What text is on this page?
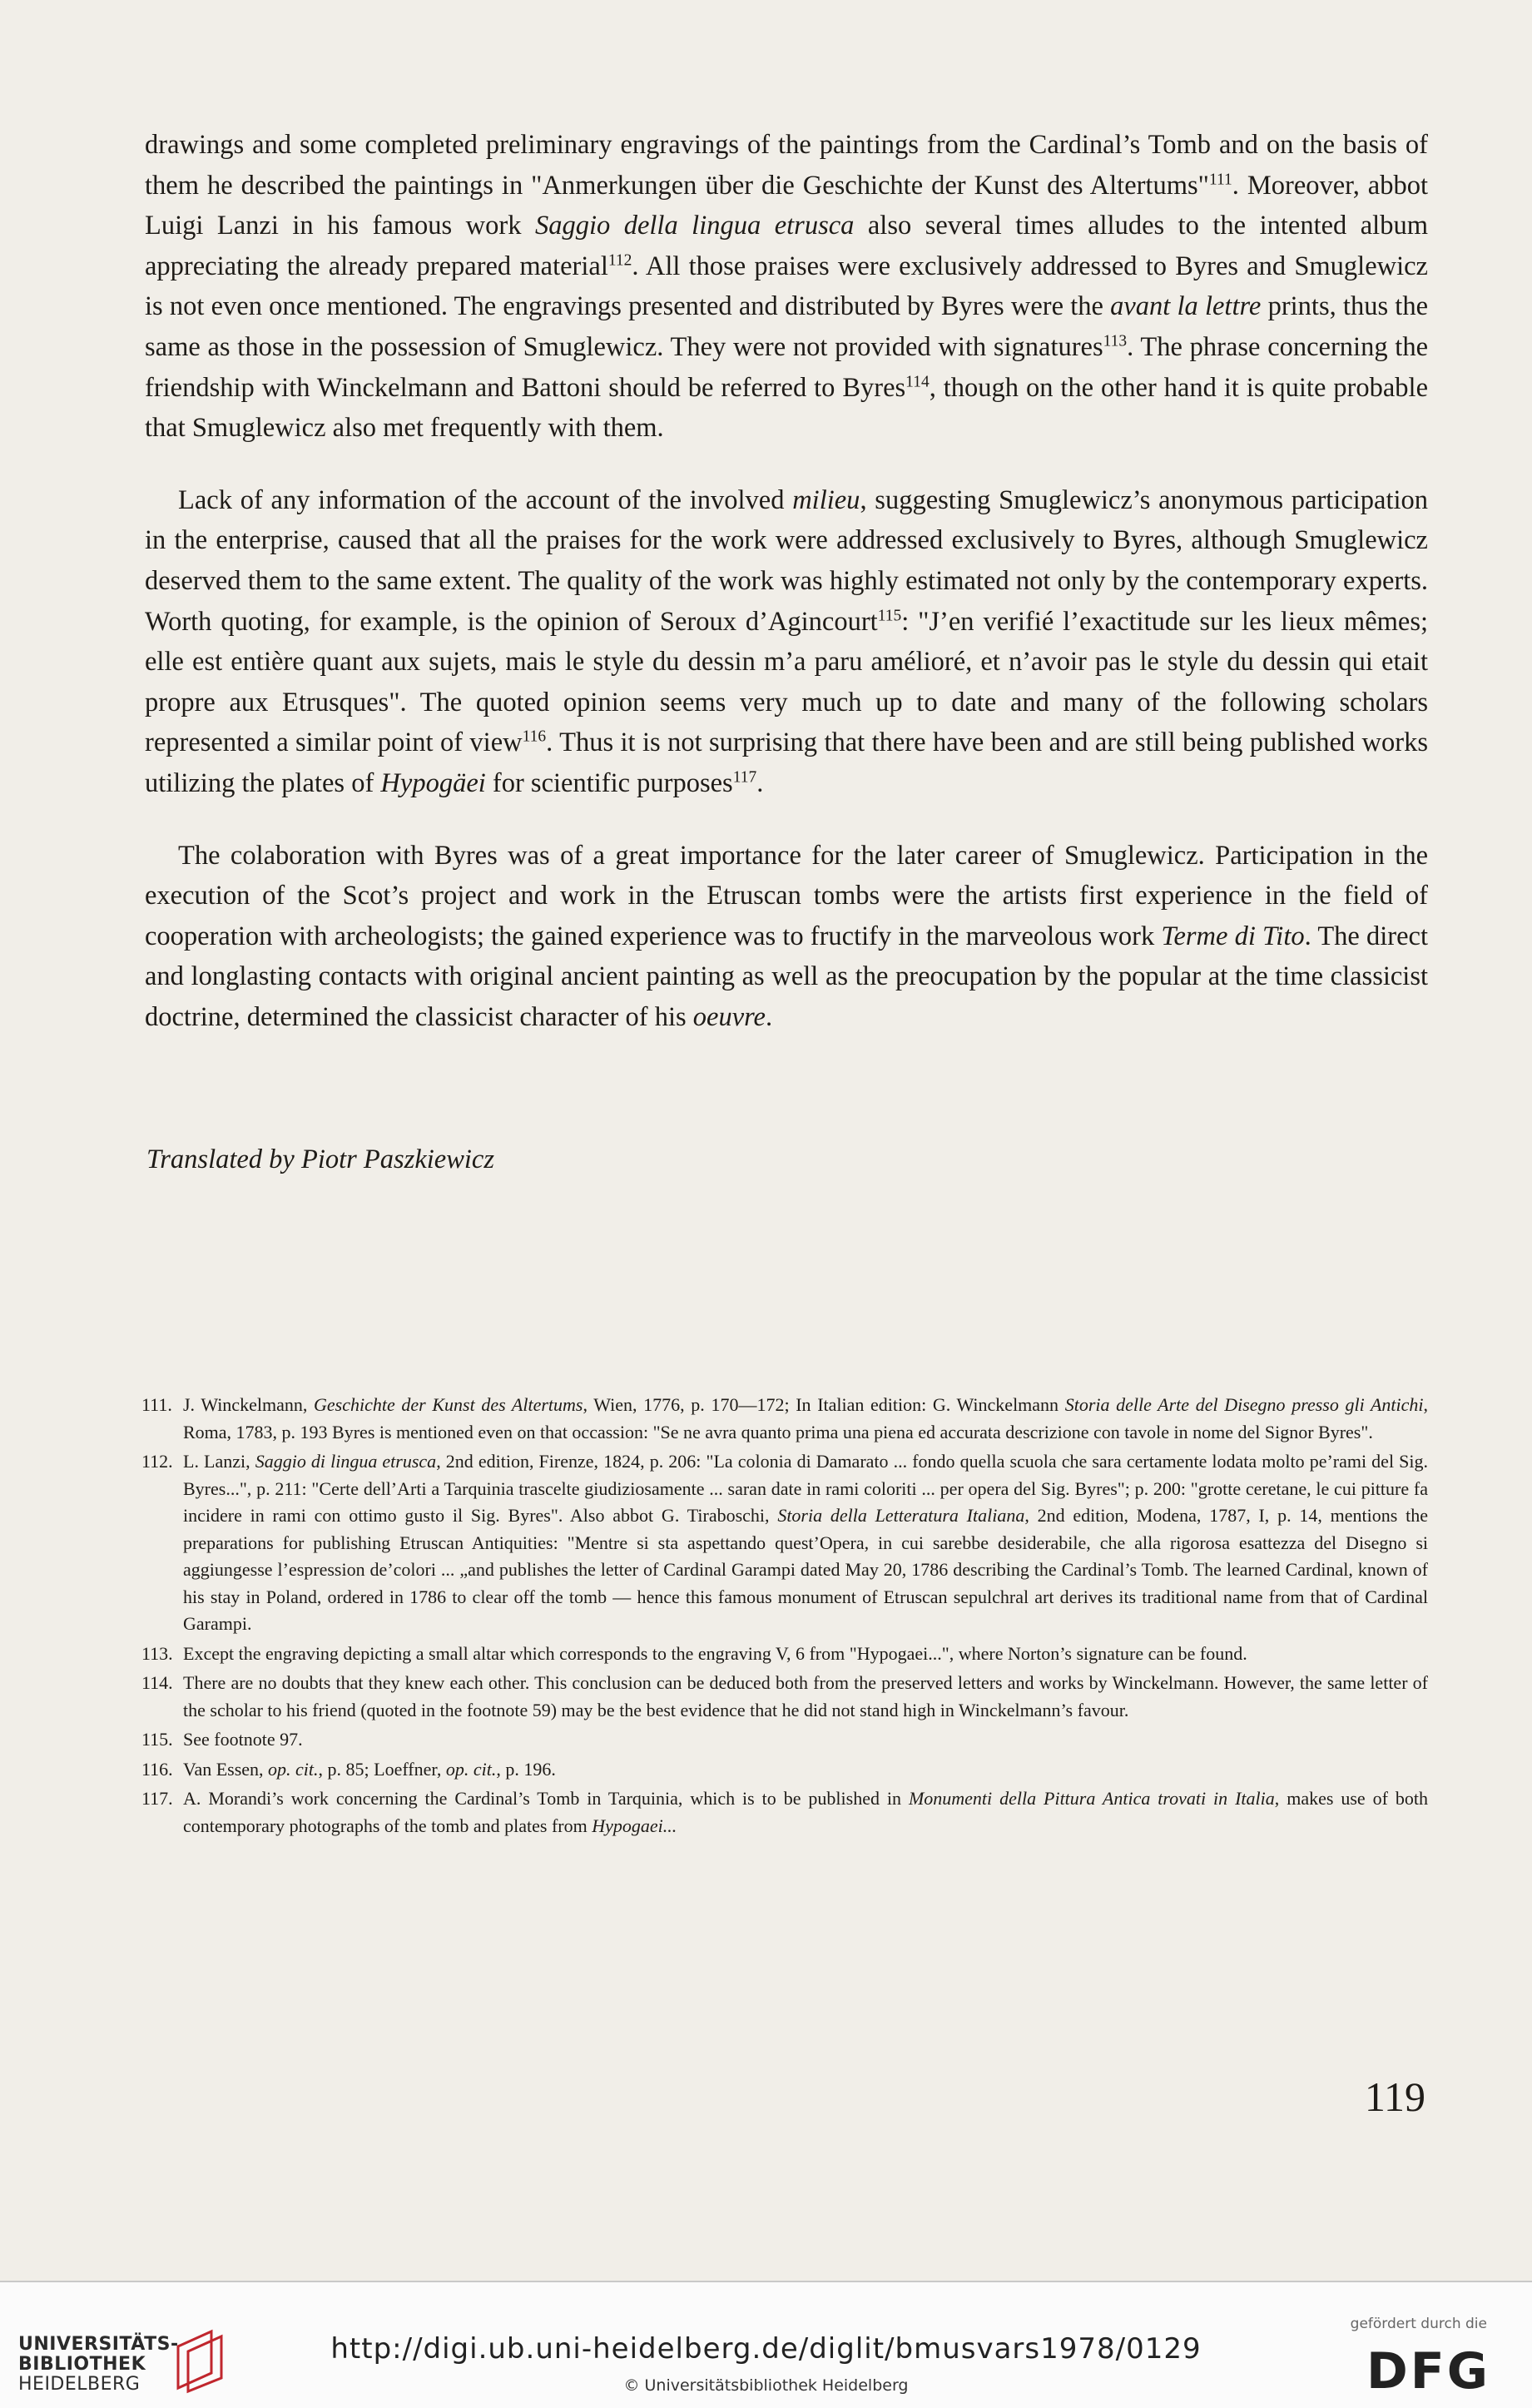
drawings and some completed preliminary engravings of the paintings from the Cardinal’s Tomb and on the basis of them he described the paintings in "Anmerkungen über die Geschichte der Kunst des Altertums"$^{111}$. Moreover, abbot Luigi Lanzi in his famous work Saggio della lingua etrusca also several times alludes to the intented album appreciating the already prepared material$^{112}$. All those praises were exclusively addressed to Byres and Smuglewicz is not even once mentioned. The engravings presented and distributed by Byres were the avant la lettre prints, thus the same as those in the possession of Smuglewicz. They were not provided with signatures$^{113}$. The phrase concerning the friendship with Winckelmann and Battoni should be referred to Byres$^{114}$, though on the other hand it is quite probable that Smuglewicz also met frequently with them.

Lack of any information of the account of the involved milieu, suggesting Smuglewicz’s anonymous participation in the enterprise, caused that all the praises for the work were addressed exclusively to Byres, although Smuglewicz deserved them to the same extent. The quality of the work was highly estimated not only by the contemporary experts. Worth quoting, for example, is the opinion of Seroux d’Agincourt$^{115}$: "J’en verifié l’exactitude sur les lieux mêmes; elle est entière quant aux sujets, mais le style du dessin m’a paru amélioré, et n’avoir pas le style du dessin qui etait propre aux Etrusques". The quoted opinion seems very much up to date and many of the following scholars represented a similar point of view$^{116}$. Thus it is not surprising that there have been and are still being published works utilizing the plates of Hypogäei for scientific purposes$^{117}$.

The colaboration with Byres was of a great importance for the later career of Smuglewicz. Participation in the execution of the Scot’s project and work in the Etruscan tombs were the artists first experience in the field of cooperation with archeologists; the gained experience was to fructify in the marveolous work Terme di Tito. The direct and longlasting contacts with original ancient painting as well as the preocupation by the popular at the time classicist doctrine, determined the classicist character of his oeuvre.

Translated by Piotr Paszkiewicz
111. J. Winckelmann, Geschichte der Kunst des Altertums, Wien, 1776, p. 170—172; In Italian edition: G. Winckelmann Storia delle Arte del Disegno presso gli Antichi, Roma, 1783, p. 193 Byres is mentioned even on that occassion: "Se ne avra quanto prima una piena ed accurata descrizione con tavole in nome del Signor Byres".
112. L. Lanzi, Saggio di lingua etrusca, 2nd edition, Firenze, 1824, p. 206: "La colonia di Damarato ... fondo quella scuola che sara certamente lodata molto pe’rami del Sig. Byres...", p. 211: "Certe dell’Arti a Tarquinia trascelte giudiziosamente ... saran date in rami coloriti ... per opera del Sig. Byres"; p. 200: "grotte ceretane, le cui pitture fa incidere in rami con ottimo gusto il Sig. Byres". Also abbot G. Tiraboschi, Storia della Letteratura Italiana, 2nd edition, Modena, 1787, I, p. 14, mentions the preparations for publishing Etruscan Antiquities: "Mentre si sta aspettando quest’Opera, in cui sarebbe desiderabile, che alla rigorosa esattezza del Disegno si aggiungesse l’espression de’colori ... „and publishes the letter of Cardinal Garampi dated May 20, 1786 describing the Cardinal’s Tomb. The learned Cardinal, known of his stay in Poland, ordered in 1786 to clear off the tomb — hence this famous monument of Etruscan sepulchral art derives its traditional name from that of Cardinal Garampi.
113. Except the engraving depicting a small altar which corresponds to the engraving V, 6 from "Hypogaei...", where Norton’s signature can be found.
114. There are no doubts that they knew each other. This conclusion can be deduced both from the preserved letters and works by Winckelmann. However, the same letter of the scholar to his friend (quoted in the footnote 59) may be the best evidence that he did not stand high in Winckelmann’s favour.
115. See footnote 97.
116. Van Essen, op. cit., p. 85; Loeffner, op. cit., p. 196.
117. A. Morandi’s work concerning the Cardinal’s Tomb in Tarquinia, which is to be published in Monumenti della Pittura Antica trovati in Italia, makes use of both contemporary photographs of the tomb and plates from Hypogaei...
119
UNIVERSITÄTS-
BIBLIOTHEK
HEIDELBERG
http://digi.ub.uni-heidelberg.de/diglit/bmusvars1978/0129
© Universitätsbibliothek Heidelberg
gefördert durch die
DFG
